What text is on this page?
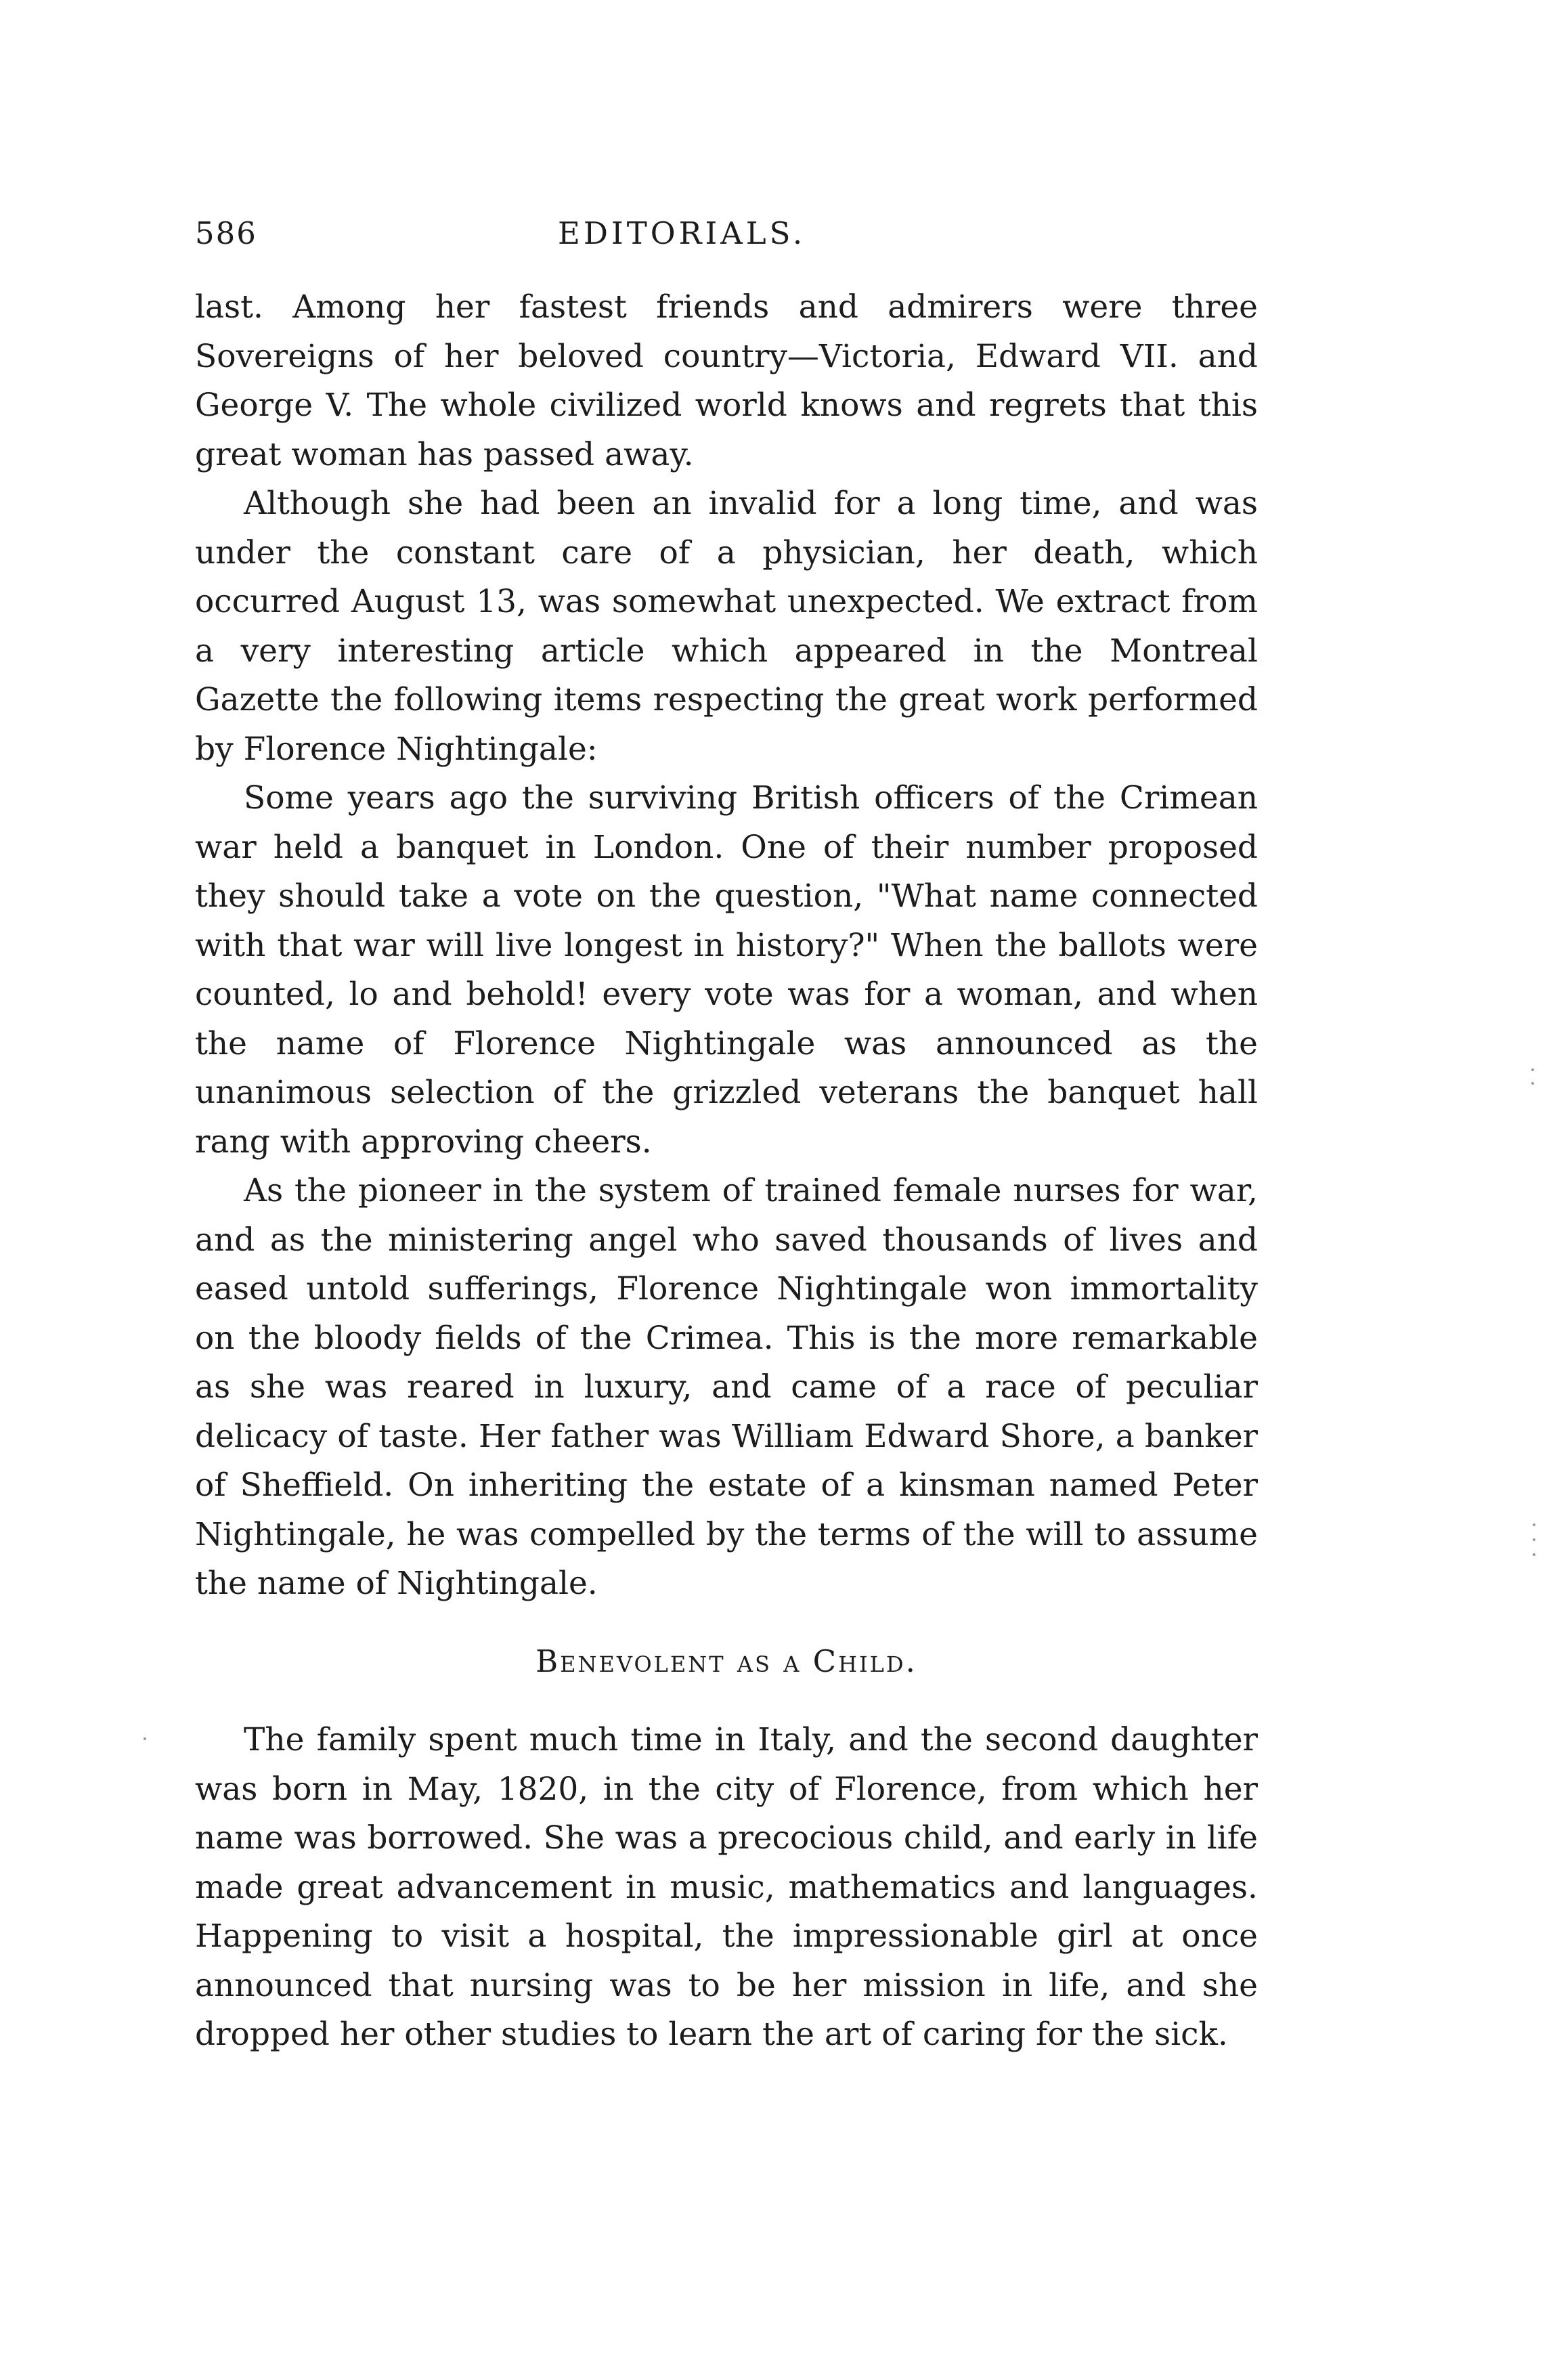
586	EDITORIALS.

last. Among her fastest friends and admirers were three Sovereigns of her beloved country—Victoria, Edward VII. and George V. The whole civilized world knows and regrets that this great woman has passed away.

Although she had been an invalid for a long time, and was under the constant care of a physician, her death, which occurred August 13, was somewhat unexpected. We extract from a very interesting article which appeared in the Montreal Gazette the following items respecting the great work performed by Florence Nightingale:

Some years ago the surviving British officers of the Crimean war held a banquet in London. One of their number proposed they should take a vote on the question, "What name connected with that war will live longest in history?" When the ballots were counted, lo and behold! every vote was for a woman, and when the name of Florence Nightingale was announced as the unanimous selection of the grizzled veterans the banquet hall rang with approving cheers.

As the pioneer in the system of trained female nurses for war, and as the ministering angel who saved thousands of lives and eased untold sufferings, Florence Nightingale won immortality on the bloody fields of the Crimea. This is the more remarkable as she was reared in luxury, and came of a race of peculiar delicacy of taste. Her father was William Edward Shore, a banker of Sheffield. On inheriting the estate of a kinsman named Peter Nightingale, he was compelled by the terms of the will to assume the name of Nightingale.

Benevolent as a Child.

The family spent much time in Italy, and the second daughter was born in May, 1820, in the city of Florence, from which her name was borrowed. She was a precocious child, and early in life made great advancement in music, mathematics and languages. Happening to visit a hospital, the impressionable girl at once announced that nursing was to be her mission in life, and she dropped her other studies to learn the art of caring for the sick.
